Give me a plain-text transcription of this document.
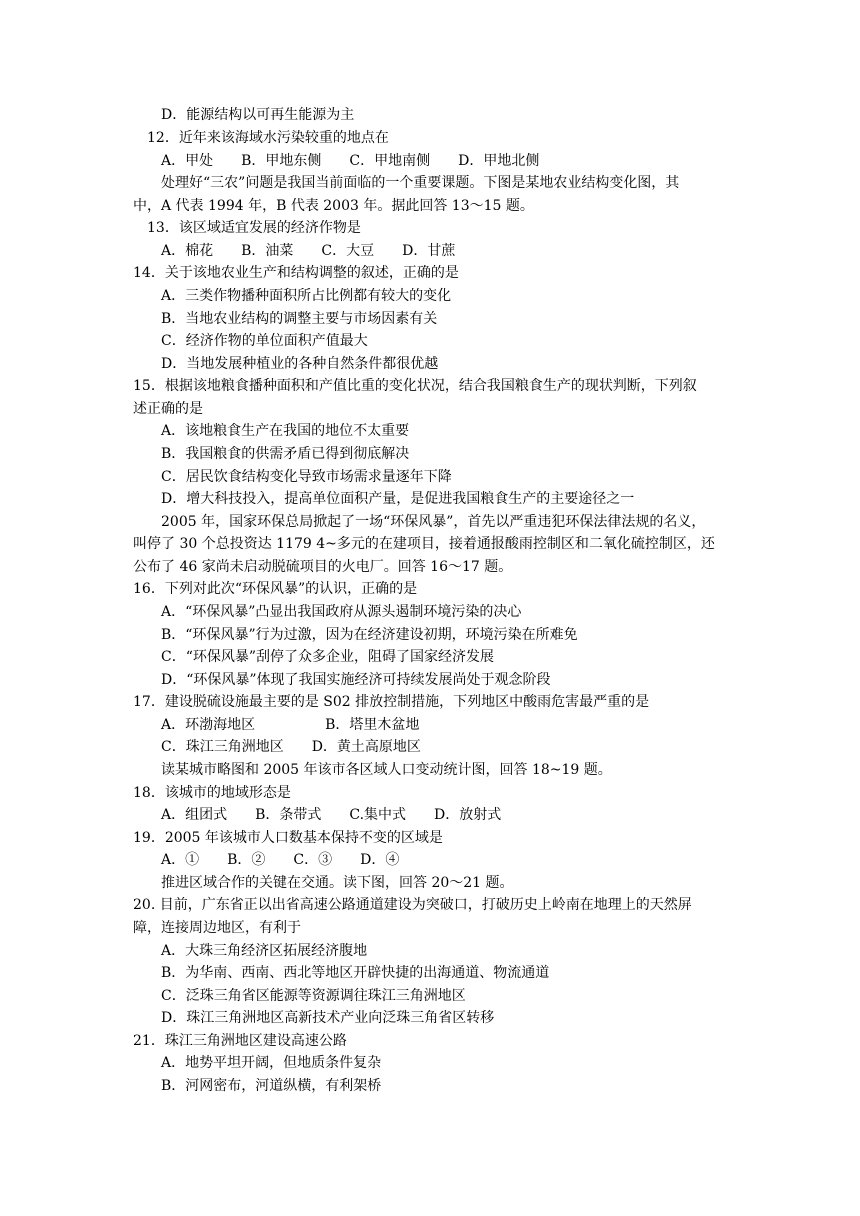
D．能源结构以可再生能源为主
12．近年来该海域水污染较重的地点在
A．甲处　　B．甲地东侧　　C．甲地南侧　　D．甲地北侧
处理好“三农”问题是我国当前面临的一个重要课题。下图是某地农业结构变化图，其
中，A 代表 1994 年，B 代表 2003 年。据此回答 13～15 题。
13．该区域适宜发展的经济作物是
A．棉花　　B．油菜　　C．大豆　　D．甘蔗
14．关于该地农业生产和结构调整的叙述，正确的是
A．三类作物播种面积所占比例都有较大的变化
B．当地农业结构的调整主要与市场因素有关
C．经济作物的单位面积产值最大
D．当地发展种植业的各种自然条件都很优越
15．根据该地粮食播种面积和产值比重的变化状况，结合我国粮食生产的现状判断，下列叙
述正确的是
A．该地粮食生产在我国的地位不太重要
B．我国粮食的供需矛盾已得到彻底解决
C．居民饮食结构变化导致市场需求量逐年下降
D．增大科技投入，提高单位面积产量，是促进我国粮食生产的主要途径之一
2005 年，国家环保总局掀起了一场“环保风暴”，首先以严重违犯环保法律法规的名义，
叫停了 30 个总投资达 1179 4~多元的在建项目，接着通报酸雨控制区和二氧化硫控制区，还
公布了 46 家尚未启动脱硫项目的火电厂。回答 16～17 题。
16．下列对此次“环保风暴”的认识，正确的是
A．“环保风暴”凸显出我国政府从源头遏制环境污染的决心
B．“环保风暴”行为过激，因为在经济建设初期，环境污染在所难免
C．“环保风暴”刮停了众多企业，阻碍了国家经济发展
D．“环保风暴”体现了我国实施经济可持续发展尚处于观念阶段
17．建设脱硫设施最主要的是 S02 排放控制措施，下列地区中酸雨危害最严重的是
A．环渤海地区　　　　　B．塔里木盆地
C．珠江三角洲地区　　D．黄土高原地区
读某城市略图和 2005 年该市各区域人口变动统计图，回答 18~19 题。
18．该城市的地域形态是
A．组团式　　B．条带式　　C.集中式　　D．放射式
19．2005 年该城市人口数基本保持不变的区域是
A．①　　B．②　　C．③　　D．④
推进区域合作的关键在交通。读下图，回答 20～21 题。
20. 目前，广东省正以出省高速公路通道建设为突破口，打破历史上岭南在地理上的天然屏
障，连接周边地区，有利于
A．大珠三角经济区拓展经济腹地
B．为华南、西南、西北等地区开辟快捷的出海通道、物流通道
C．泛珠三角省区能源等资源调往珠江三角洲地区
D．珠江三角洲地区高新技术产业向泛珠三角省区转移
21．珠江三角洲地区建设高速公路
A．地势平坦开阔，但地质条件复杂
B．河网密布，河道纵横，有利架桥
